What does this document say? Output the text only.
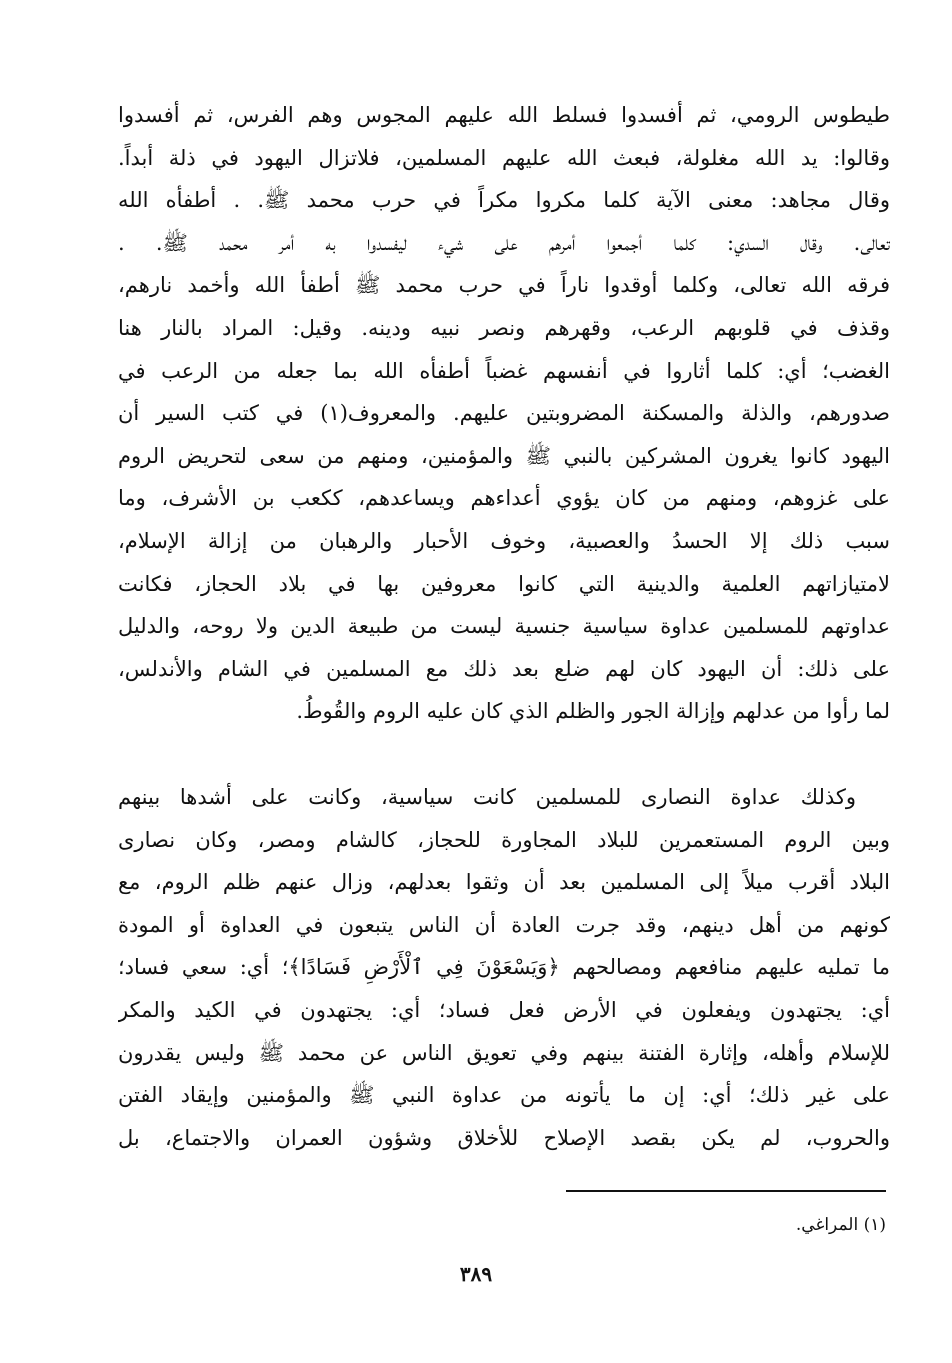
طيطوس الرومي، ثم أفسدوا فسلط الله عليهم المجوس وهم الفرس، ثم أفسدوا
وقالوا: يد الله مغلولة، فبعث الله عليهم المسلمين، فلاتزال اليهود في ذلة أبداً.
وقال مجاهد: معنى الآية كلما مكروا مكراً في حرب محمد ﷺ. . أطفأه الله
تعالى. وقال السدي: كلما أجمعوا أمرهم على شيء ليفسدوا به أمر محمد ﷺ. .
فرقه الله تعالى، وكلما أوقدوا ناراً في حرب محمد ﷺ أطفأ الله وأخمد نارهم،
وقذف في قلوبهم الرعب، وقهرهم ونصر نبيه ودينه. وقيل: المراد بالنار هنا
الغضب؛ أي: كلما أثاروا في أنفسهم غضباً أطفأه الله بما جعله من الرعب في
صدورهم، والذلة والمسكنة المضروبتين عليهم. والمعروف(١) في كتب السير أن
اليهود كانوا يغرون المشركين بالنبي ﷺ والمؤمنين، ومنهم من سعى لتحريض الروم
على غزوهم، ومنهم من كان يؤوي أعداءهم ويساعدهم، ككعب بن الأشرف، وما
سبب ذلك إلا الحسدُ والعصبية، وخوف الأحبار والرهبان من إزالة الإسلام،
لامتيازاتهم العلمية والدينية التي كانوا معروفين بها في بلاد الحجاز، فكانت
عداوتهم للمسلمين عداوة سياسية جنسية ليست من طبيعة الدين ولا روحه، والدليل
على ذلك: أن اليهود كان لهم ضلع بعد ذلك مع المسلمين في الشام والأندلس،
لما رأوا من عدلهم وإزالة الجور والظلم الذي كان عليه الروم والقُوطُ.
وكذلك عداوة النصارى للمسلمين كانت سياسية، وكانت على أشدها بينهم
وبين الروم المستعمرين للبلاد المجاورة للحجاز، كالشام ومصر، وكان نصارى
البلاد أقرب ميلاً إلى المسلمين بعد أن وثقوا بعدلهم، وزال عنهم ظلم الروم، مع
كونهم من أهل دينهم، وقد جرت العادة أن الناس يتبعون في العداوة أو المودة
ما تمليه عليهم منافعهم ومصالحهم ﴿وَيَسْعَوْنَ فِي ٱلْأَرْضِ فَسَادًا﴾؛ أي: سعي فساد؛
أي: يجتهدون ويفعلون في الأرض فعل فساد؛ أي: يجتهدون في الكيد والمكر
للإسلام وأهله، وإثارة الفتنة بينهم وفي تعويق الناس عن محمد ﷺ وليس يقدرون
على غير ذلك؛ أي: إن ما يأتونه من عداوة النبي ﷺ والمؤمنين وإيقاد الفتن
والحروب، لم يكن بقصد الإصلاح للأخلاق وشؤون العمران والاجتماع، بل
(١) المراغي.
٣٨٩
